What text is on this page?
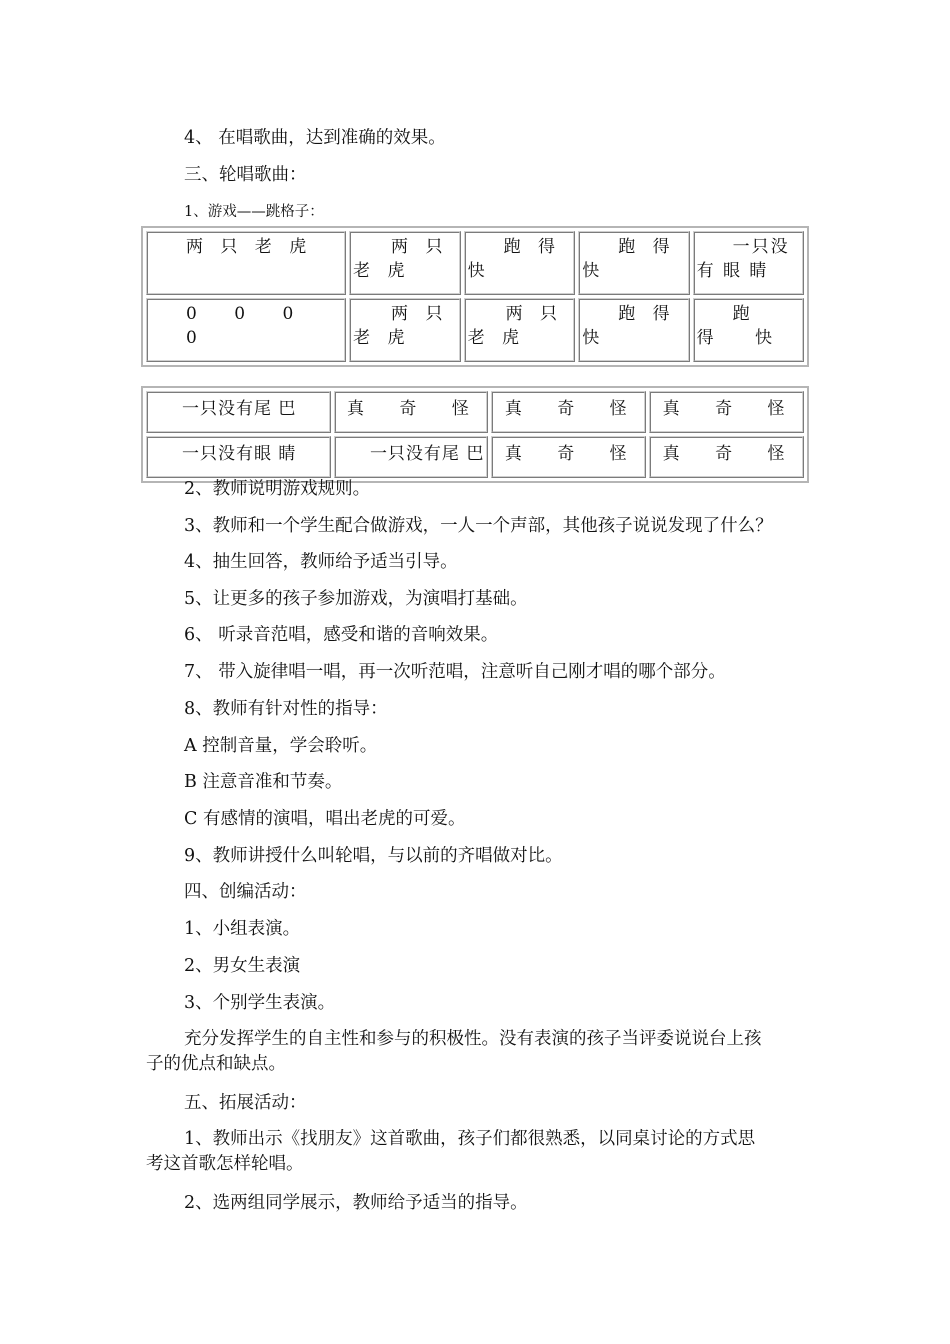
4、 在唱歌曲，达到准确的效果。

三、轮唱歌曲：

1、游戏——跳格子：

两 只 老 虎	两 只 老 虎	跑 得 快	跑 得 快	一只没有 眼 睛
0 0 0 0	两 只 老 虎	两 只 老 虎	跑 得 快	跑 得 快
一只没有尾 巴	真 奇 怪	真 奇 怪	真 奇 怪
一只没有眼 睛	一只没有尾 巴	真 奇 怪	真 奇 怪

2、教师说明游戏规则。

3、教师和一个学生配合做游戏，一人一个声部，其他孩子说说发现了什么？

4、抽生回答，教师给予适当引导。

5、让更多的孩子参加游戏，为演唱打基础。

6、 听录音范唱，感受和谐的音响效果。

7、 带入旋律唱一唱，再一次听范唱，注意听自己刚才唱的哪个部分。

8、教师有针对性的指导：

A 控制音量，学会聆听。

B 注意音准和节奏。

C 有感情的演唱，唱出老虎的可爱。

9、教师讲授什么叫轮唱，与以前的齐唱做对比。

四、创编活动：

1、小组表演。

2、男女生表演

3、个别学生表演。

充分发挥学生的自主性和参与的积极性。没有表演的孩子当评委说说台上孩子的优点和缺点。

五、拓展活动：

1、教师出示《找朋友》这首歌曲，孩子们都很熟悉，以同桌讨论的方式思考这首歌怎样轮唱。

2、选两组同学展示，教师给予适当的指导。
